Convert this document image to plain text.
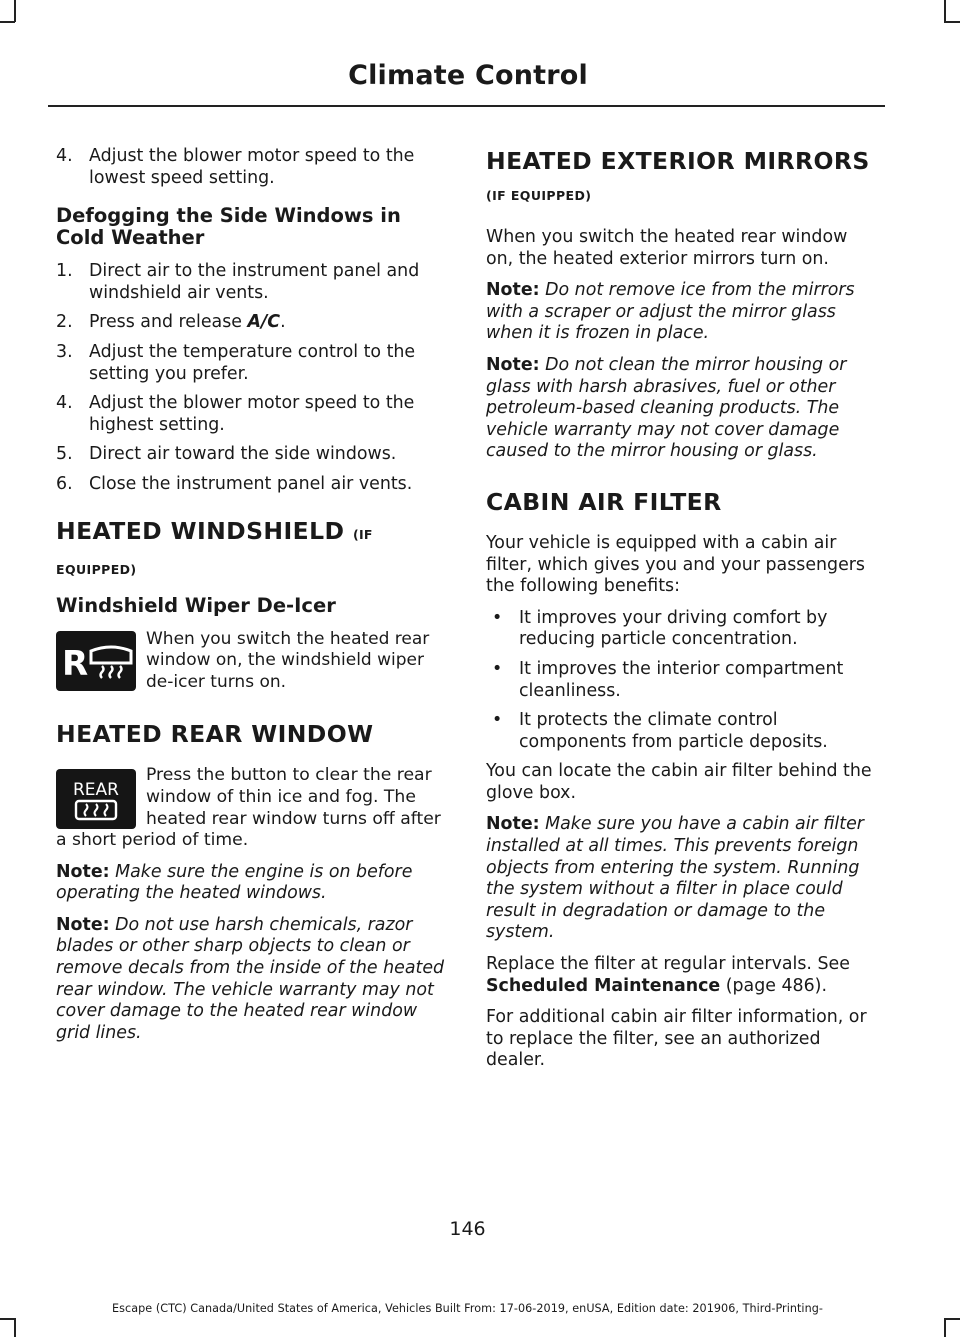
Climate Control
4. Adjust the blower motor speed to the lowest speed setting.
Defogging the Side Windows in Cold Weather
1. Direct air to the instrument panel and windshield air vents.
2. Press and release A/C.
3. Adjust the temperature control to the setting you prefer.
4. Adjust the blower motor speed to the highest setting.
5. Direct air toward the side windows.
6. Close the instrument panel air vents.
HEATED WINDSHIELD (IF
EQUIPPED)
Windshield Wiper De-Icer
R

When you switch the heated rear window on, the windshield wiper de-icer turns on.

HEATED REAR WINDOW
REAR

Press the button to clear the rear window of thin ice and fog. The heated rear window turns off after a short period of time.

Note: Make sure the engine is on before operating the heated windows.

Note: Do not use harsh chemicals, razor blades or other sharp objects to clean or remove decals from the inside of the heated rear window. The vehicle warranty may not cover damage to the heated rear window grid lines.

HEATED EXTERIOR MIRRORS
(IF EQUIPPED)

When you switch the heated rear window on, the heated exterior mirrors turn on.

Note: Do not remove ice from the mirrors with a scraper or adjust the mirror glass when it is frozen in place.

Note: Do not clean the mirror housing or glass with harsh abrasives, fuel or other petroleum-based cleaning products. The vehicle warranty may not cover damage caused to the mirror housing or glass.

CABIN AIR FILTER

Your vehicle is equipped with a cabin air filter, which gives you and your passengers the following benefits:

• It improves your driving comfort by reducing particle concentration.
• It improves the interior compartment cleanliness.
• It protects the climate control components from particle deposits.

You can locate the cabin air filter behind the glove box.

Note: Make sure you have a cabin air filter installed at all times. This prevents foreign objects from entering the system. Running the system without a filter in place could result in degradation or damage to the system.

Replace the filter at regular intervals. See Scheduled Maintenance (page 486).

For additional cabin air filter information, or to replace the filter, see an authorized dealer.

146
Escape (CTC) Canada/United States of America, Vehicles Built From: 17-06-2019, enUSA, Edition date: 201906, Third-Printing-
